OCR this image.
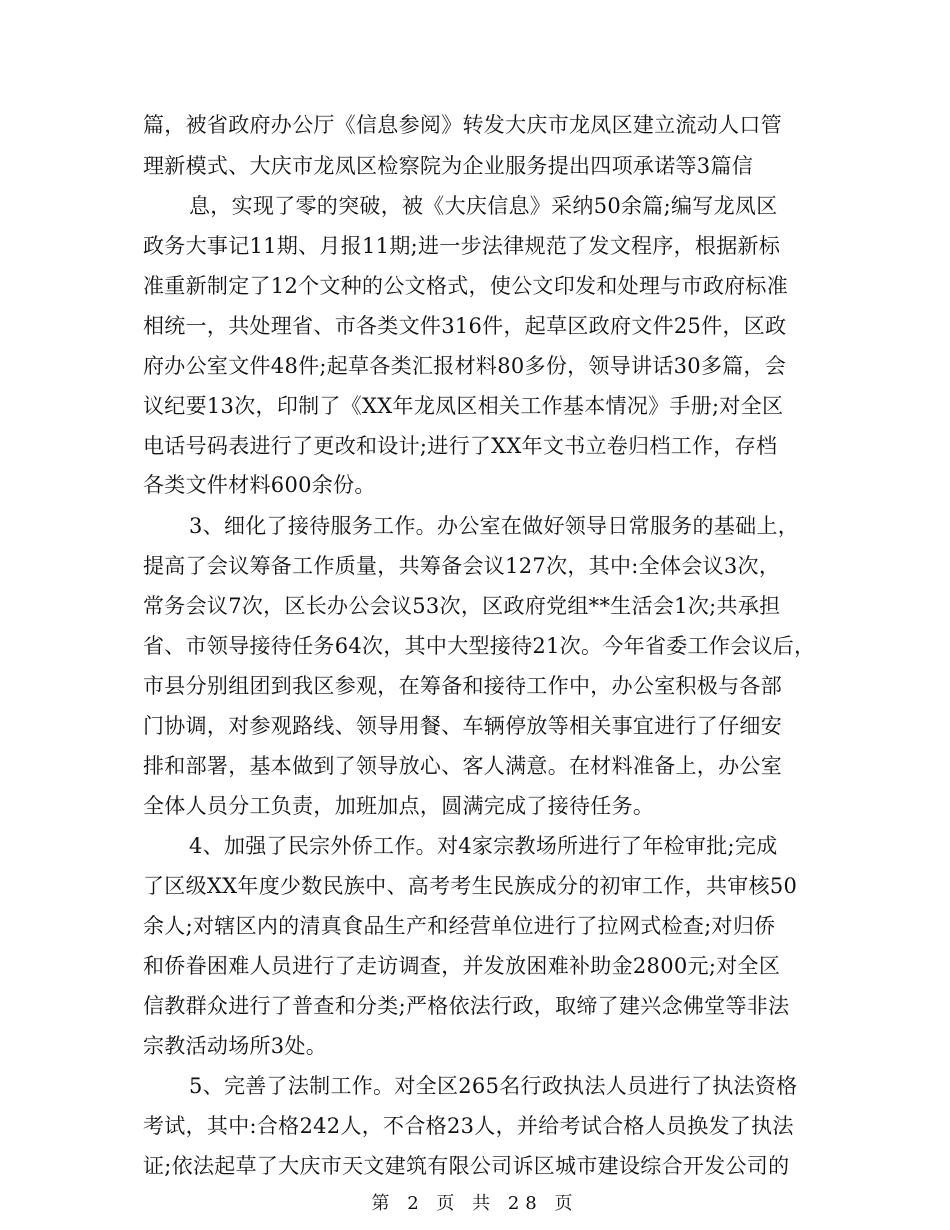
篇，被省政府办公厅《信息参阅》转发大庆市龙凤区建立流动人口管
理新模式、大庆市龙凤区检察院为企业服务提出四项承诺等3篇信
息，实现了零的突破，被《大庆信息》采纳50余篇;编写龙凤区
政务大事记11期、月报11期;进一步法律规范了发文程序，根据新标
准重新制定了12个文种的公文格式，使公文印发和处理与市政府标准
相统一，共处理省、市各类文件316件，起草区政府文件25件，区政
府办公室文件48件;起草各类汇报材料80多份，领导讲话30多篇，会
议纪要13次，印制了《XX年龙凤区相关工作基本情况》手册;对全区
电话号码表进行了更改和设计;进行了XX年文书立卷归档工作，存档
各类文件材料600余份。
3、细化了接待服务工作。办公室在做好领导日常服务的基础上，
提高了会议筹备工作质量，共筹备会议127次，其中:全体会议3次，
常务会议7次，区长办公会议53次，区政府党组**生活会1次;共承担
省、市领导接待任务64次，其中大型接待21次。今年省委工作会议后，
市县分别组团到我区参观，在筹备和接待工作中，办公室积极与各部
门协调，对参观路线、领导用餐、车辆停放等相关事宜进行了仔细安
排和部署，基本做到了领导放心、客人满意。在材料准备上，办公室
全体人员分工负责，加班加点，圆满完成了接待任务。
4、加强了民宗外侨工作。对4家宗教场所进行了年检审批;完成
了区级XX年度少数民族中、高考考生民族成分的初审工作，共审核50
余人;对辖区内的清真食品生产和经营单位进行了拉网式检查;对归侨
和侨眷困难人员进行了走访调查，并发放困难补助金2800元;对全区
信教群众进行了普查和分类;严格依法行政，取缔了建兴念佛堂等非法
宗教活动场所3处。
5、完善了法制工作。对全区265名行政执法人员进行了执法资格
考试，其中:合格242人，不合格23人，并给考试合格人员换发了执法
证;依法起草了大庆市天文建筑有限公司诉区城市建设综合开发公司的
第 2 页 共 28 页
